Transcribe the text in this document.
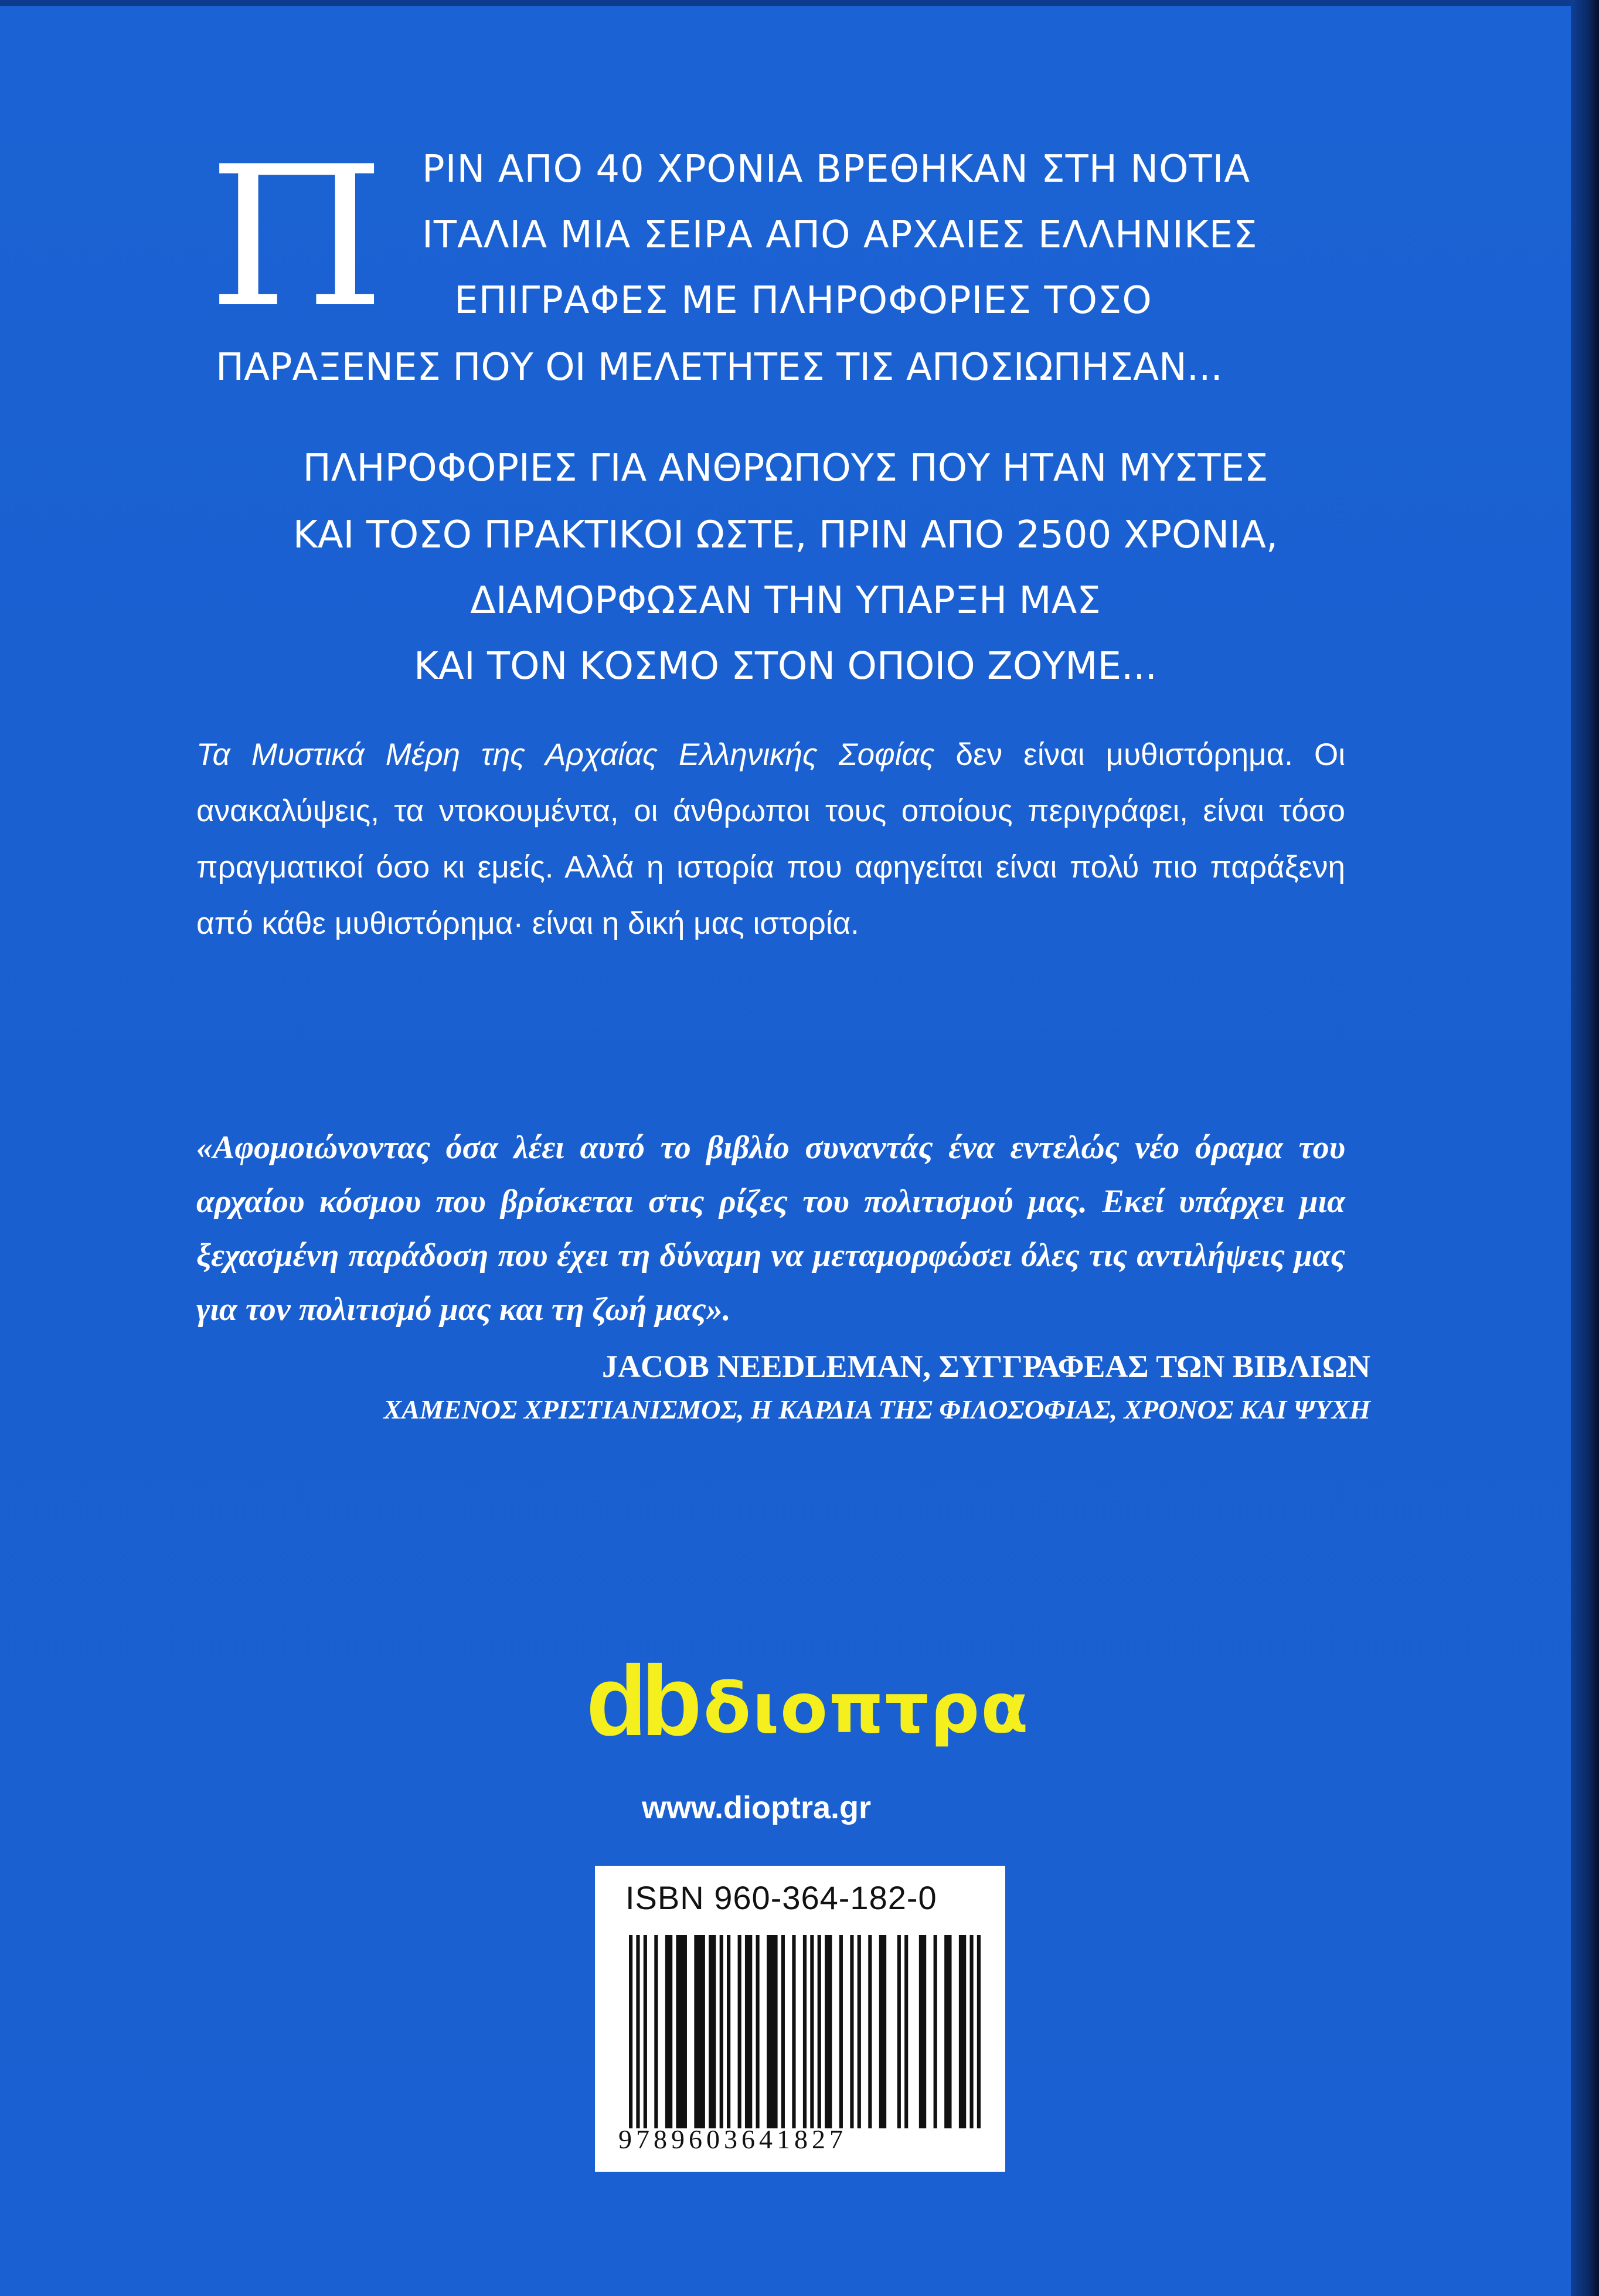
Π ΡΙΝ ΑΠΟ 40 ΧΡΟΝΙΑ ΒΡΕΘΗΚΑΝ ΣΤΗ ΝΟΤΙΑ
ΙΤΑΛΙΑ ΜΙΑ ΣΕΙΡΑ ΑΠΟ ΑΡΧΑΙΕΣ ΕΛΛΗΝΙΚΕΣ
ΕΠΙΓΡΑΦΕΣ ΜΕ ΠΛΗΡΟΦΟΡΙΕΣ ΤΟΣΟ
ΠΑΡΑΞΕΝΕΣ ΠΟΥ ΟΙ ΜΕΛΕΤΗΤΕΣ ΤΙΣ ΑΠΟΣΙΩΠΗΣΑΝ...
ΠΛΗΡΟΦΟΡΙΕΣ ΓΙΑ ΑΝΘΡΩΠΟΥΣ ΠΟΥ ΗΤΑΝ ΜΥΣΤΕΣ
ΚΑΙ ΤΟΣΟ ΠΡΑΚΤΙΚΟΙ ΩΣΤΕ, ΠΡΙΝ ΑΠΟ 2500 ΧΡΟΝΙΑ,
ΔΙΑΜΟΡΦΩΣΑΝ ΤΗΝ ΥΠΑΡΞΗ ΜΑΣ
ΚΑΙ ΤΟΝ ΚΟΣΜΟ ΣΤΟΝ ΟΠΟΙΟ ΖΟΥΜΕ...
Τα Μυστικά Μέρη της Αρχαίας Ελληνικής Σοφίας δεν είναι μυθιστόρημα. Οι ανακαλύψεις, τα ντοκουμέντα, οι άνθρωποι τους οποίους περιγράφει, είναι τόσο πραγματικοί όσο κι εμείς. Αλλά η ιστορία που αφηγείται είναι πολύ πιο παράξενη από κάθε μυθιστόρημα· είναι η δική μας ιστορία.
«Αφομοιώνοντας όσα λέει αυτό το βιβλίο συναντάς ένα εντελώς νέο όραμα του αρχαίου κόσμου που βρίσκεται στις ρίζες του πολιτισμού μας. Εκεί υπάρχει μια ξεχασμένη παράδοση που έχει τη δύναμη να μεταμορφώσει όλες τις αντιλήψεις μας για τον πολιτισμό μας και τη ζωή μας».
JACOB NEEDLEMAN, ΣΥΓΓΡΑΦΕΑΣ ΤΩΝ ΒΙΒΛΙΩΝ
ΧΑΜΕΝΟΣ ΧΡΙΣΤΙΑΝΙΣΜΟΣ, Η ΚΑΡΔΙΑ ΤΗΣ ΦΙΛΟΣΟΦΙΑΣ, ΧΡΟΝΟΣ ΚΑΙ ΨΥΧΗ
db διοπτρα
www.dioptra.gr
ISBN 960-364-182-0
9789603641827
